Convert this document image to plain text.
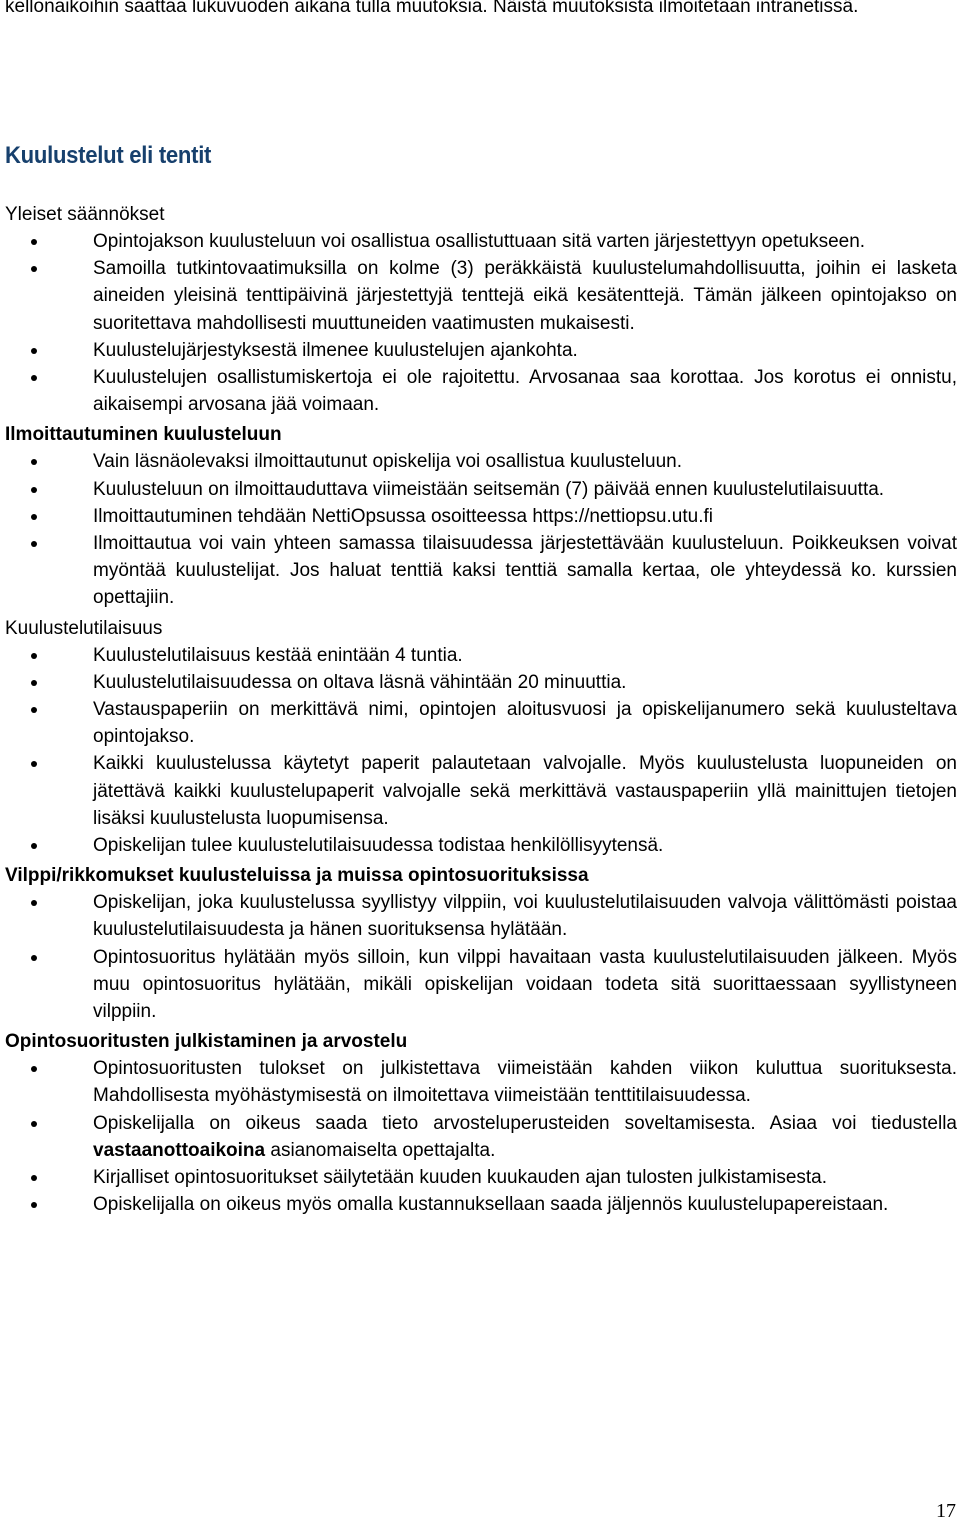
kellonaikoihin saattaa lukuvuoden aikana tulla muutoksia. Näistä muutoksista ilmoitetaan intranetissä.

Kuulustelut eli tentit
Yleiset säännökset
Opintojakson kuulusteluun voi osallistua osallistuttuaan sitä varten järjestettyyn opetukseen.
Samoilla tutkintovaatimuksilla on kolme (3) peräkkäistä kuulustelumahdollisuutta, joihin ei lasketa aineiden yleisinä tenttipäivinä järjestettyjä tenttejä eikä kesätenttejä. Tämän jälkeen opintojakso on suoritettava mahdollisesti muuttuneiden vaatimusten mukaisesti.
Kuulustelujärjestyksestä ilmenee kuulustelujen ajankohta.
Kuulustelujen osallistumiskertoja ei ole rajoitettu. Arvosanaa saa korottaa. Jos korotus ei onnistu, aikaisempi arvosana jää voimaan.
Ilmoittautuminen kuulusteluun
Vain läsnäolevaksi ilmoittautunut opiskelija voi osallistua kuulusteluun.
Kuulusteluun on ilmoittauduttava viimeistään seitsemän (7) päivää ennen kuulustelutilaisuutta.
Ilmoittautuminen tehdään NettiOpsussa osoitteessa https://nettiopsu.utu.fi
Ilmoittautua voi vain yhteen samassa tilaisuudessa järjestettävään kuulusteluun. Poikkeuksen voivat myöntää kuulustelijat. Jos haluat tenttiä kaksi tenttiä samalla kertaa, ole yhteydessä ko. kurssien opettajiin.
Kuulustelutilaisuus
Kuulustelutilaisuus kestää enintään 4 tuntia.
Kuulustelutilaisuudessa on oltava läsnä vähintään 20 minuuttia.
Vastauspaperiin on merkittävä nimi, opintojen aloitusvuosi ja opiskelijanumero sekä kuulusteltava opintojakso.
Kaikki kuulustelussa käytetyt paperit palautetaan valvojalle. Myös kuulustelusta luopuneiden on jätettävä kaikki kuulustelupaperit valvojalle sekä merkittävä vastauspaperiin yllä mainittujen tietojen lisäksi kuulustelusta luopumisensa.
Opiskelijan tulee kuulustelutilaisuudessa todistaa henkilöllisyytensä.
Vilppi/rikkomukset kuulusteluissa ja muissa opintosuorituksissa
Opiskelijan, joka kuulustelussa syyllistyy vilppiin, voi kuulustelutilaisuuden valvoja välittömästi poistaa kuulustelutilaisuudesta ja hänen suorituksensa hylätään.
Opintosuoritus hylätään myös silloin, kun vilppi havaitaan vasta kuulustelutilaisuuden jälkeen. Myös muu opintosuoritus hylätään, mikäli opiskelijan voidaan todeta sitä suorittaessaan syyllistyneen vilppiin.
Opintosuoritusten julkistaminen ja arvostelu
Opintosuoritusten tulokset on julkistettava viimeistään kahden viikon kuluttua suorituksesta. Mahdollisesta myöhästymisestä on ilmoitettava viimeistään tenttitilaisuudessa.
Opiskelijalla on oikeus saada tieto arvosteluperusteiden soveltamisesta. Asiaa voi tiedustella vastaanottoaikoina asianomaiselta opettajalta.
Kirjalliset opintosuoritukset säilytetään kuuden kuukauden ajan tulosten julkistamisesta.
Opiskelijalla on oikeus myös omalla kustannuksellaan saada jäljennös kuulustelupapereistaan.
17
